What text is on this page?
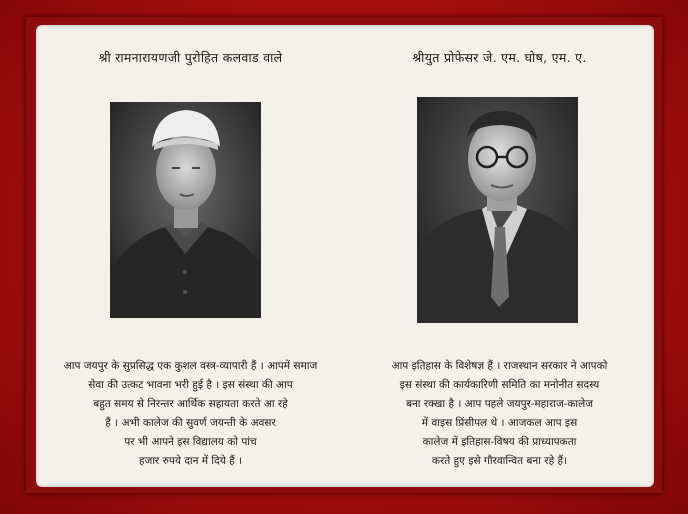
श्री रामनारायणजी पुरोहित कलवाड वाले
आप जयपुर के सुप्रसिद्ध एक कुशल वस्त्र-व्यापारी हैं । आपमें समाज
सेवा की उत्कट भावना भरी हुई है । इस संस्था की आप
बहुत समय से निरन्तर आर्थिक सहायता करते आ रहे
हैं । अभी कालेज की सुवर्ण जयन्ती के अवसर
पर भी आपने इस विद्यालय को पांच
हजार रुपये दान में दिये हैं ।
श्रीयुत प्रोफेसर जे. एम. घोष, एम. ए.
आप इतिहास के विशेषज्ञ हैं । राजस्थान सरकार ने आपको
इस संस्था की कार्यकारिणी समिति का मनोनीत सदस्य
बना रक्खा है । आप पहले जयपुर-महाराज-कालेज
में वाइस प्रिंसीपल थे । आजकल आप इस
कालेज में इतिहास-विषय की प्राध्यापकता
करते हुए इसे गौरवान्वित बना रहे हैं।
